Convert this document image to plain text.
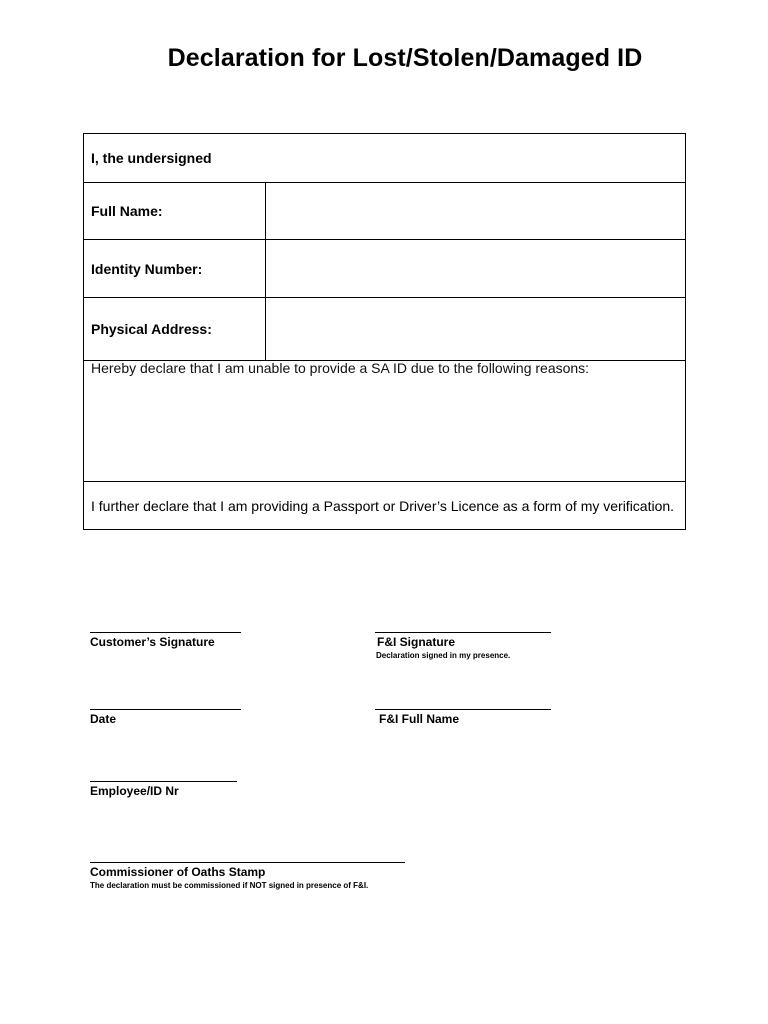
Declaration for Lost/Stolen/Damaged ID
I, the undersigned	
Full Name:	
Identity Number:	
Physical Address:	

Hereby declare that I am unable to provide a SA ID due to the following reasons:	

I further declare that I am providing a Passport or Driver’s Licence as a form of my verification.	
Customer’s Signature	F&I Signature
Declaration signed in my presence.
Date	F&I Full Name
Employee/ID Nr
Commissioner of Oaths Stamp
The declaration must be commissioned if NOT signed in presence of F&I.
